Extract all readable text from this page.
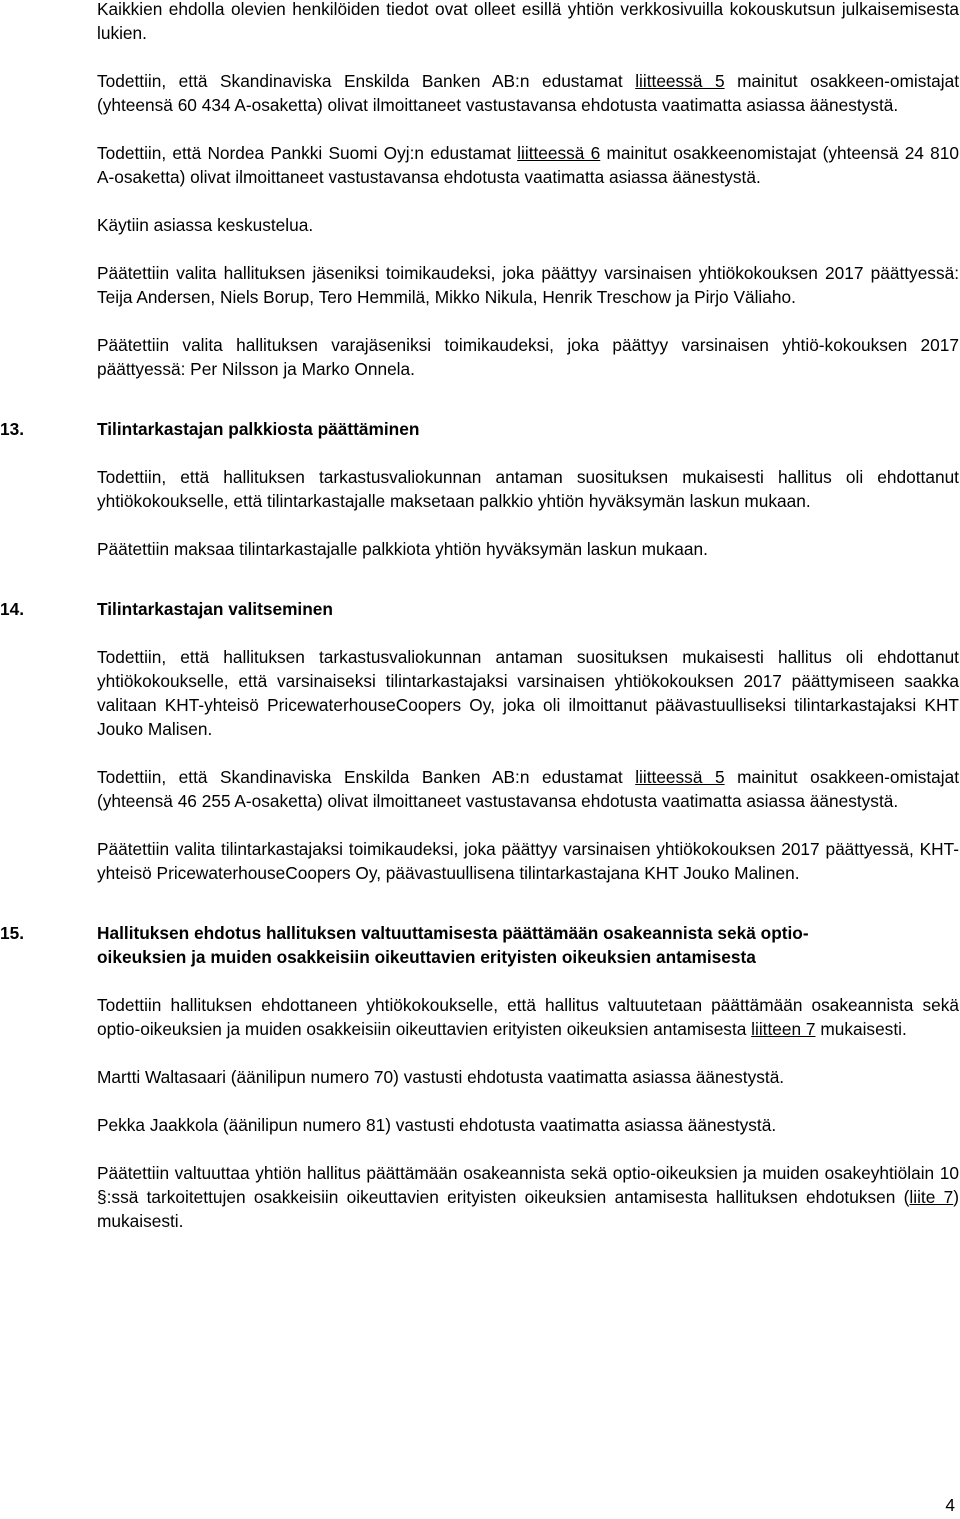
Kaikkien ehdolla olevien henkilöiden tiedot ovat olleet esillä yhtiön verkkosivuilla kokouskutsun julkaisemisesta lukien.

Todettiin, että Skandinaviska Enskilda Banken AB:n edustamat liitteessä 5 mainitut osakkeen-omistajat (yhteensä 60 434 A-osaketta) olivat ilmoittaneet vastustavansa ehdotusta vaatimatta asiassa äänestystä.

Todettiin, että Nordea Pankki Suomi Oyj:n edustamat liitteessä 6 mainitut osakkeenomistajat (yhteensä 24 810 A-osaketta) olivat ilmoittaneet vastustavansa ehdotusta vaatimatta asiassa äänestystä.

Käytiin asiassa keskustelua.

Päätettiin valita hallituksen jäseniksi toimikaudeksi, joka päättyy varsinaisen yhtiökokouksen 2017 päättyessä: Teija Andersen, Niels Borup, Tero Hemmilä, Mikko Nikula, Henrik Treschow ja Pirjo Väliaho.

Päätettiin valita hallituksen varajäseniksi toimikaudeksi, joka päättyy varsinaisen yhtiö-kokouksen 2017 päättyessä: Per Nilsson ja Marko Onnela.

13.	Tilintarkastajan palkkiosta päättäminen

Todettiin, että hallituksen tarkastusvaliokunnan antaman suosituksen mukaisesti hallitus oli ehdottanut yhtiökokoukselle, että tilintarkastajalle maksetaan palkkio yhtiön hyväksymän laskun mukaan.

Päätettiin maksaa tilintarkastajalle palkkiota yhtiön hyväksymän laskun mukaan.

14.	Tilintarkastajan valitseminen

Todettiin, että hallituksen tarkastusvaliokunnan antaman suosituksen mukaisesti hallitus oli ehdottanut yhtiökokoukselle, että varsinaiseksi tilintarkastajaksi varsinaisen yhtiökokouksen 2017 päättymiseen saakka valitaan KHT-yhteisö PricewaterhouseCoopers Oy, joka oli ilmoittanut päävastuulliseksi tilintarkastajaksi KHT Jouko Malisen.

Todettiin, että Skandinaviska Enskilda Banken AB:n edustamat liitteessä 5 mainitut osakkeen-omistajat (yhteensä 46 255 A-osaketta) olivat ilmoittaneet vastustavansa ehdotusta vaatimatta asiassa äänestystä.

Päätettiin valita tilintarkastajaksi toimikaudeksi, joka päättyy varsinaisen yhtiökokouksen 2017 päättyessä, KHT-yhteisö PricewaterhouseCoopers Oy, päävastuullisena tilintarkastajana KHT Jouko Malinen.

15.	Hallituksen ehdotus hallituksen valtuuttamisesta päättämään osakeannista sekä optio-
oikeuksien ja muiden osakkeisiin oikeuttavien erityisten oikeuksien antamisesta

Todettiin hallituksen ehdottaneen yhtiökokoukselle, että hallitus valtuutetaan päättämään osakeannista sekä optio-oikeuksien ja muiden osakkeisiin oikeuttavien erityisten oikeuksien antamisesta liitteen 7 mukaisesti.

Martti Waltasaari (äänilipun numero 70) vastusti ehdotusta vaatimatta asiassa äänestystä.

Pekka Jaakkola (äänilipun numero 81) vastusti ehdotusta vaatimatta asiassa äänestystä.

Päätettiin valtuuttaa yhtiön hallitus päättämään osakeannista sekä optio-oikeuksien ja muiden osakeyhtiölain 10 §:ssä tarkoitettujen osakkeisiin oikeuttavien erityisten oikeuksien antamisesta hallituksen ehdotuksen (liite 7) mukaisesti.

4
